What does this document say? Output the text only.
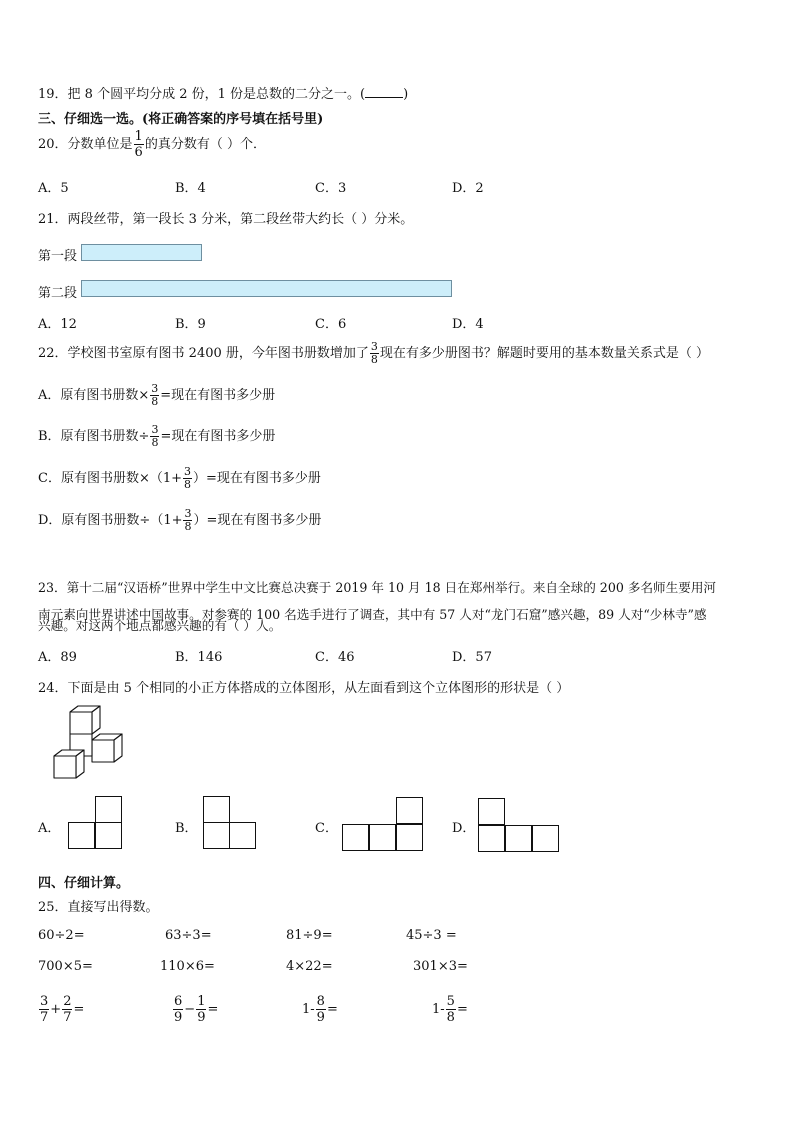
19．把 8 个圆平均分成 2 份，1 份是总数的二分之一。(	)
三、仔细选一选。(将正确答案的序号填在括号里)
20．分数单位是 $\frac{1}{6}$ 的真分数有（ ）个．
A．5	B．4	C．3	D．2
21．两段丝带，第一段长 3 分米，第二段丝带大约长（ ）分米。
第一段
第二段
A．12	B．9	C．6	D．4
22．学校图书室原有图书 2400 册，今年图书册数增加了 $\frac{3}{8}$ 现在有多少册图书？解题时要用的基本数量关系式是（ ）
A．原有图书册数× $\frac{3}{8}$ =现在有图书多少册
B．原有图书册数÷ $\frac{3}{8}$ =现在有图书多少册
C．原有图书册数$\times(1+ \frac{3}{8}$ ）=现在有图书多少册
D．原有图书册数$\div(1+ \frac{3}{8}$ ）=现在有图书多少册
23．第十二届“汉语桥”世界中学生中文比赛总决赛于 2019 年 10 月 18 日在郑州举行。来自全球的 200 多名师生要用河
南元素向世界讲述中国故事。对参赛的 100 名选手进行了调查，其中有 57 人对“龙门石窟”感兴趣，89 人对“少林寺”感
兴趣。对这两个地点都感兴趣的有（ ）人。
A．89	B．146	C．46	D．57
24．下面是由 5 个相同的小正方体搭成的立体图形，从左面看到这个立体图形的形状是（ ）
A．	B．	C．	D．
四、仔细计算。
25．直接写出得数。
60÷2=	63÷3=	81÷9=	45÷3 =
700×5=	110×6=	4×22=	301×3=
$\frac{3}{7} + \frac{2}{7}$ =	$\frac{6}{9} - \frac{1}{9}$ =	$1- \frac{8}{9}$ =	$1- \frac{5}{8}$ =
